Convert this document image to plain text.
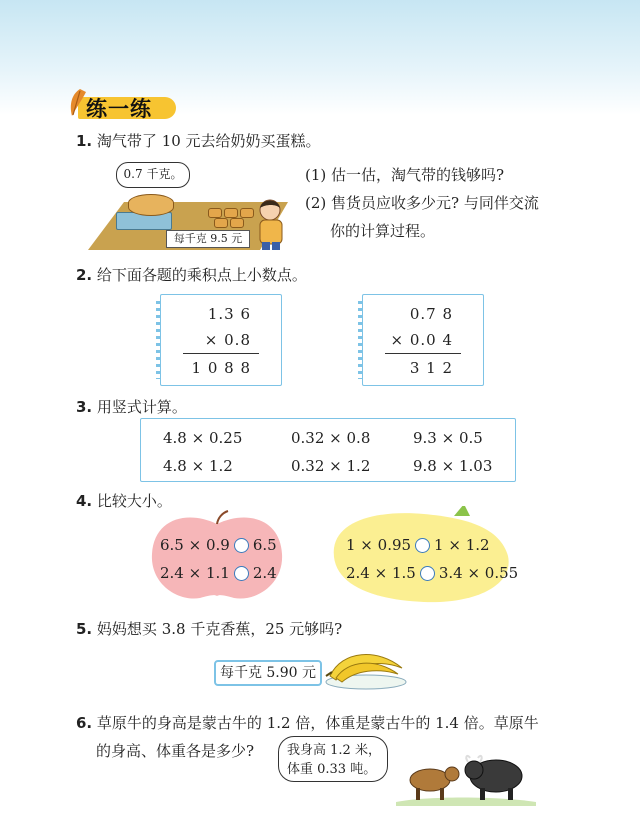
练一练
1. 淘气带了 10 元去给奶奶买蛋糕。
0.7 千克。
每千克 9.5 元
(1) 估一估，淘气带的钱够吗?
(2) 售货员应收多少元? 与同伴交流
你的计算过程。
2. 给下面各题的乘积点上小数点。
1.3 6
× 0.8
1 0 8 8
0.7 8
× 0.0 4
3 1 2
3. 用竖式计算。
4.8 × 0.25	0.32 × 0.8	9.3 × 0.5
4.8 × 1.2	0.32 × 1.2	9.8 × 1.03
4. 比较大小。
6.5 × 0.9 6.5
2.4 × 1.1 2.4
1 × 0.95 1 × 1.2
2.4 × 1.5 3.4 × 0.55
5. 妈妈想买 3.8 千克香蕉，25 元够吗?
每千克 5.90 元
6. 草原牛的身高是蒙古牛的 1.2 倍，体重是蒙古牛的 1.4 倍。草原牛
的身高、体重各是多少?	我身高 1.2 米，
体重 0.33 吨。
